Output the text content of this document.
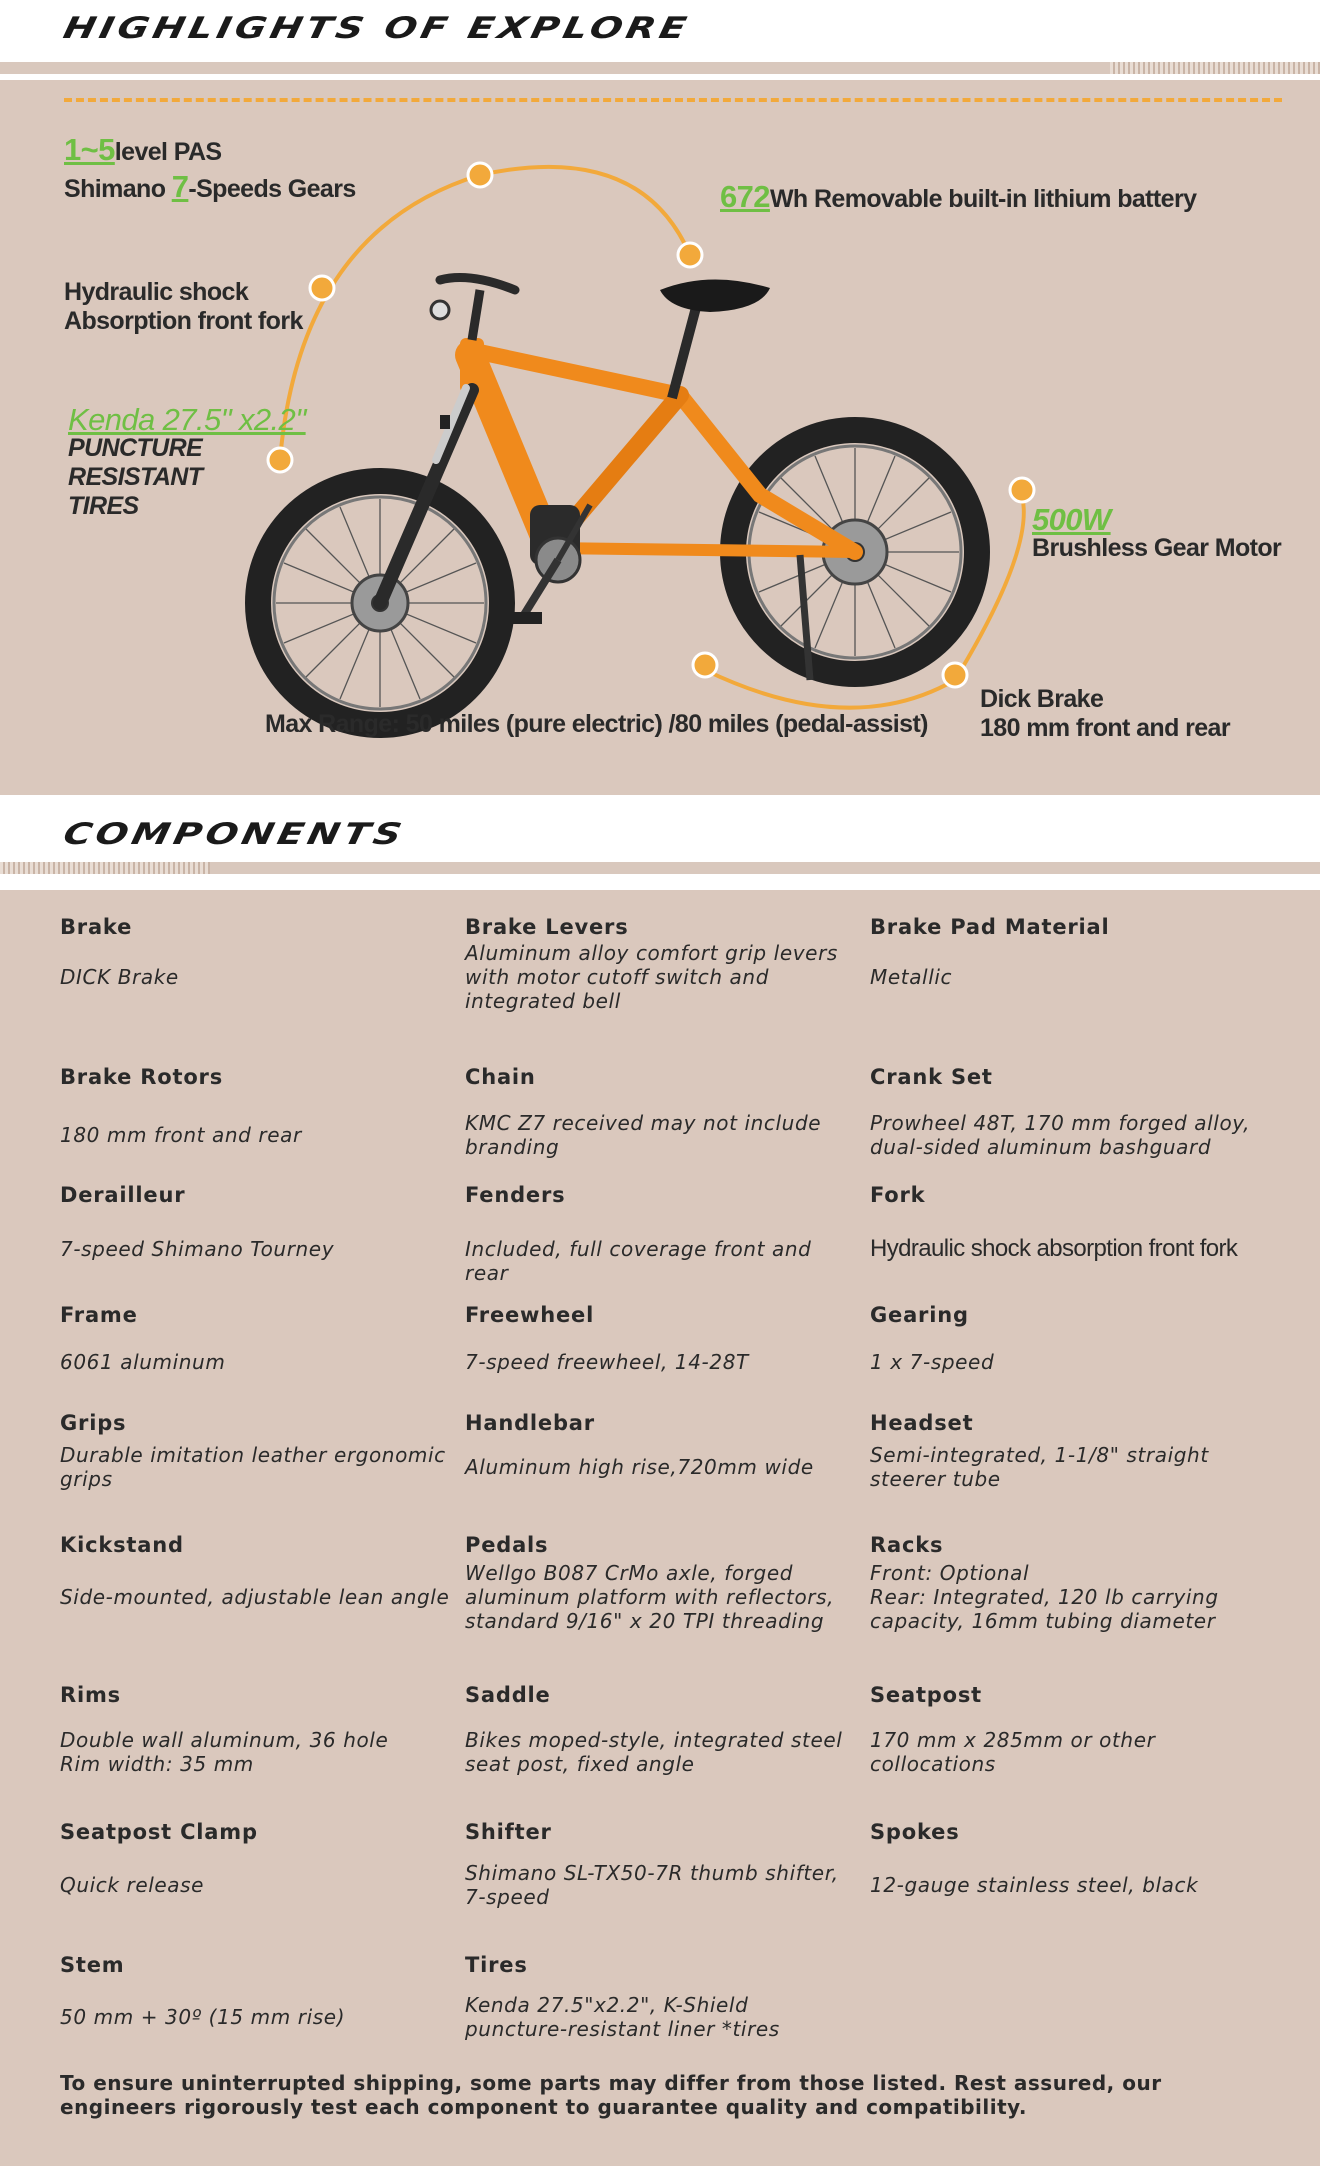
HIGHLIGHTS OF EXPLORE
1~5level PAS
Shimano 7-Speeds Gears	672Wh Removable built-in lithium battery
Hydraulic shock
Absorption front fork
Kenda 27.5" x2.2"
PUNCTURE
RESISTANT
TIRES	500W
Brushless Gear Motor
Dick Brake
180 mm front and rear
Max Range: 50 miles (pure electric) /80 miles (pedal-assist)
COMPONENTS
Brake
DICK Brake
Brake Levers
Aluminum alloy comfort grip levers
with motor cutoff switch and
integrated bell
Brake Pad Material
Metallic
Brake Rotors
180 mm front and rear
Chain
KMC Z7 received may not include
branding
Crank Set
Prowheel 48T, 170 mm forged alloy,
dual-sided aluminum bashguard
Derailleur
7-speed Shimano Tourney
Fenders
Included, full coverage front and rear
Fork
Hydraulic shock absorption front fork
Frame
6061 aluminum
Freewheel
7-speed freewheel, 14-28T
Gearing
1 x 7-speed
Grips
Durable imitation leather ergonomic
grips
Handlebar
Aluminum high rise,720mm wide
Headset
Semi-integrated, 1-1/8" straight
steerer tube
Kickstand
Side-mounted, adjustable lean angle
Pedals
Wellgo B087 CrMo axle, forged
aluminum platform with reflectors,
standard 9/16" x 20 TPI threading
Racks
Front: Optional
Rear: Integrated, 120 lb carrying
capacity, 16mm tubing diameter
Rims
Double wall aluminum, 36 hole
Rim width: 35 mm
Saddle
Bikes moped-style, integrated steel
seat post, fixed angle
Seatpost
170 mm x 285mm or other
collocations
Seatpost Clamp
Quick release
Shifter
Shimano SL-TX50-7R thumb shifter,
7-speed
Spokes
12-gauge stainless steel, black
Stem
50 mm + 30º (15 mm rise)
Tires
Kenda 27.5"x2.2", K-Shield
puncture-resistant liner *tires
To ensure uninterrupted shipping, some parts may differ from those listed. Rest assured, our engineers rigorously test each component to guarantee quality and compatibility.
